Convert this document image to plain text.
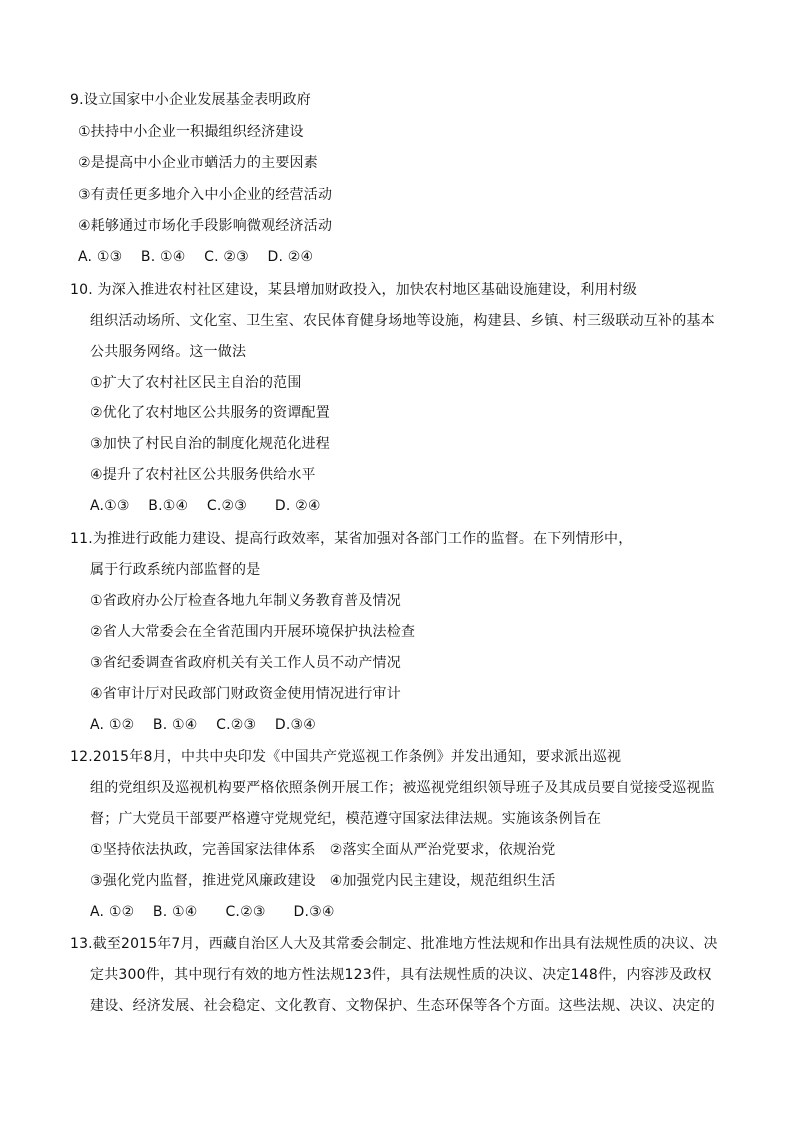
9.设立国家中小企业发展基金表明政府
①扶持中小企业一积撮组织经济建设
②是提高中小企业市蝤活力的主要因素
③有责任更多地介入中小企业的经营活动
④耗够通过市场化手段影响微观经济活动
A. ①③    B. ①④    C. ②③    D. ②④
10. 为深入推进农村社区建设，某县增加财政投入，加快农村地区基础设施建设，利用村级
组织活动场所、文化室、卫生室、农民体育健身场地等设施，构建县、乡镇、村三级联动互补的基本
公共服务网络。这一做法
①扩大了农村社区民主自治的范围
②优化了农村地区公共服务的资谭配置
③加快了村民自治的制度化规范化进程
④提升了农村社区公共服务供给水平
A.①③    B.①④    C.②③      D. ②④
11.为推进行政能力建设、提高行政效率，某省加强对各部门工作的监督。在下列情形中，
属于行政系统内部监督的是
①省政府办公厅检查各地九年制义务教育普及情况
②省人大常委会在全省范围内开展环境保护执法检查
③省纪委调查省政府机关有关工作人员不动产情况
④省审计厅对民政部门财政资金使用情况进行审计
A. ①②    B. ①④    C.②③    D.③④
12.2015年8月，中共中央印发《中国共产党巡视工作条例》并发出通知，要求派出巡视
组的党组织及巡视机构要严格依照条例开展工作；被巡视党组织领导班子及其成员要自觉接受巡视监
督；广大党员干部要严格遵守党规党纪，模范遵守国家法律法规。实施该条例旨在
①坚持依法执政，完善国家法律体系   ②落实全面从严治党要求，依规治党
③强化党内监督，推进党风廉政建设   ④加强党内民主建设，规范组织生活
A. ①②    B. ①④      C.②③      D.③④
13.截至2015年7月，西藏自治区人大及其常委会制定、批准地方性法规和作出具有法规性质的决议、决
定共300件，其中现行有效的地方性法规123件，具有法规性质的决议、决定148件，内容涉及政权
建设、经济发展、社会稳定、文化教育、文物保护、生态环保等各个方面。这些法规、决议、决定的
